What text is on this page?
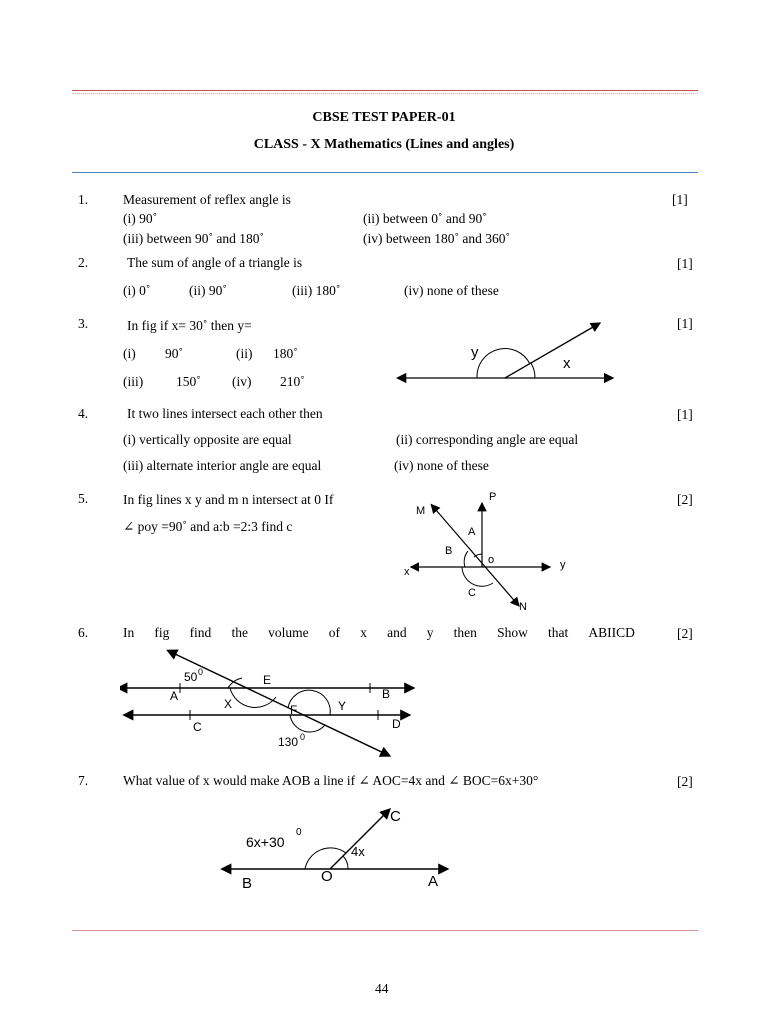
CBSE TEST PAPER-01
CLASS - X Mathematics (Lines and angles)
1.	Measurement of reflex angle is	[1]
(i) 90˚	(ii) between 0˚ and 90˚
(iii) between 90˚ and 180˚	(iv) between 180˚ and 360˚
2.	The sum of angle of a triangle is	[1]
(i) 0˚	(ii) 90˚	(iii) 180˚	(iv) none of these
3.	In fig if x= 30˚ then y=	[1]
(i) 90˚	(ii) 180˚
(iii) 150˚ (iv) 210˚
y
x
4.	It two lines intersect each other then	[1]
(i) vertically opposite are equal	(ii) corresponding angle are equal
(iii) alternate interior angle are equal	(iv) none of these
5.	In fig lines x y and m n intersect at 0 If	[2]
∠ poy =90˚ and a:b =2:3 find c
M
P
A
B
o
x
y
C
N
6.	In fig find the volume of x and y then Show that ABIICD	[2]
50 0
A
E
B
X	F	Y
C	D
130 0
7.	What value of x would make AOB a line if ∠ AOC=4x and ∠ BOC=6x+30°	[2]
C
6x+30
0
4x
B	O	A
44
